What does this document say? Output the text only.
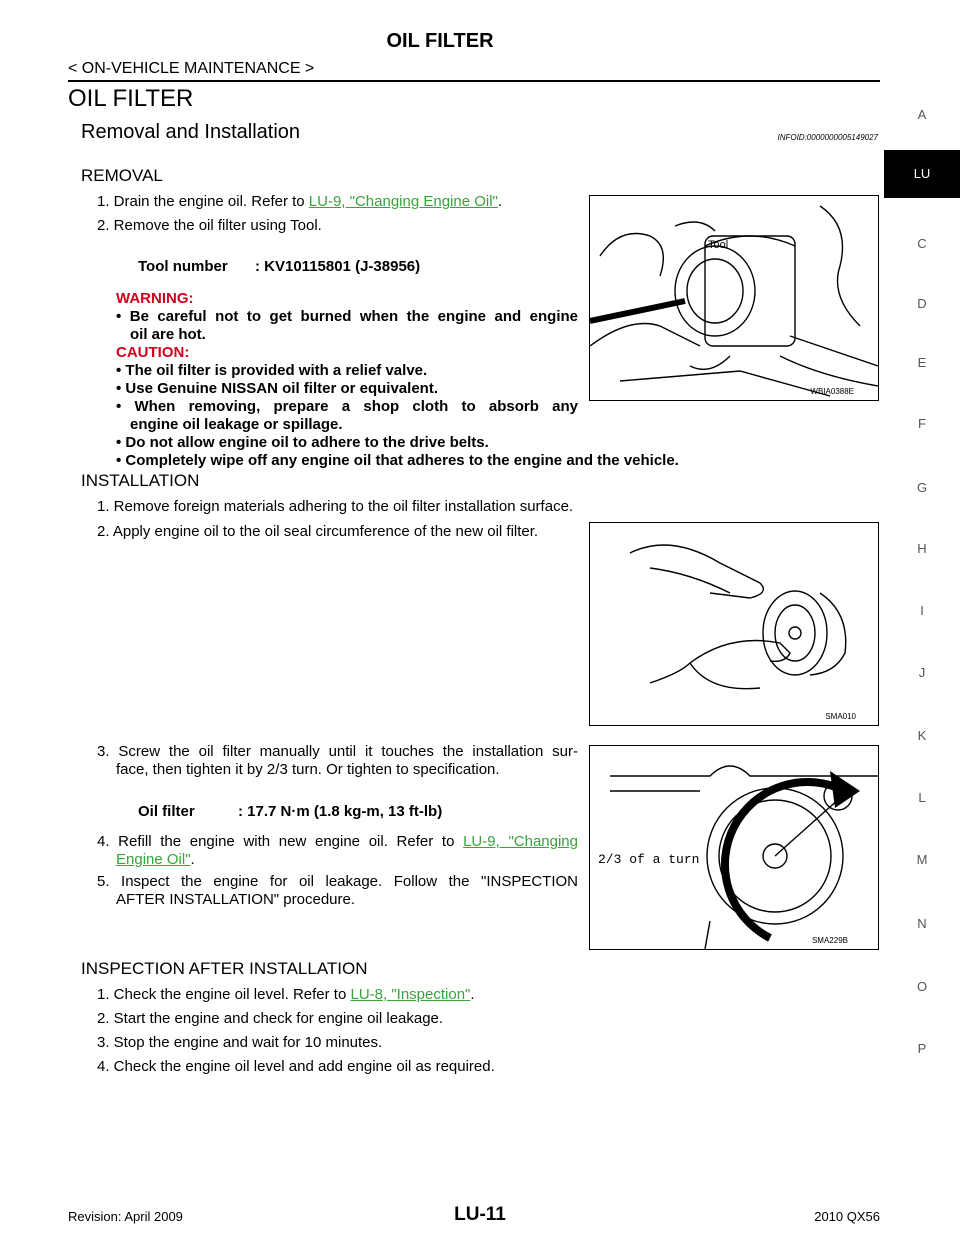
OIL FILTER
< ON-VEHICLE MAINTENANCE >
OIL FILTER
Removal and Installation	INFOID:0000000005149027
REMOVAL
1. Drain the engine oil. Refer to LU-9, "Changing Engine Oil".
2. Remove the oil filter using Tool.
Tool number : KV10115801 (J-38956)
WARNING:
• Be careful not to get burned when the engine and engine
oil are hot.
CAUTION:
• The oil filter is provided with a relief valve.
• Use Genuine NISSAN oil filter or equivalent.
• When removing, prepare a shop cloth to absorb any
engine oil leakage or spillage.
• Do not allow engine oil to adhere to the drive belts.
• Completely wipe off any engine oil that adheres to the engine and the vehicle.
Tool
WBIA0388E
INSTALLATION
1. Remove foreign materials adhering to the oil filter installation surface.
2. Apply engine oil to the oil seal circumference of the new oil filter.
SMA010
3. Screw the oil filter manually until it touches the installation sur-
face, then tighten it by 2/3 turn. Or tighten to specification.
Oil filter	: 17.7 N·m (1.8 kg-m, 13 ft-lb)
4. Refill the engine with new engine oil. Refer to LU-9, "Changing
Engine Oil".
5. Inspect the engine for oil leakage. Follow the "INSPECTION
AFTER INSTALLATION" procedure.
2/3 of a turn
SMA229B
INSPECTION AFTER INSTALLATION
1. Check the engine oil level. Refer to LU-8, "Inspection".
2. Start the engine and check for engine oil leakage.
3. Stop the engine and wait for 10 minutes.
4. Check the engine oil level and add engine oil as required.
A
LU
C
D
E
F
G
H
I
J
K
L
M
N
O
P
Revision: April 2009	LU-11	2010 QX56
